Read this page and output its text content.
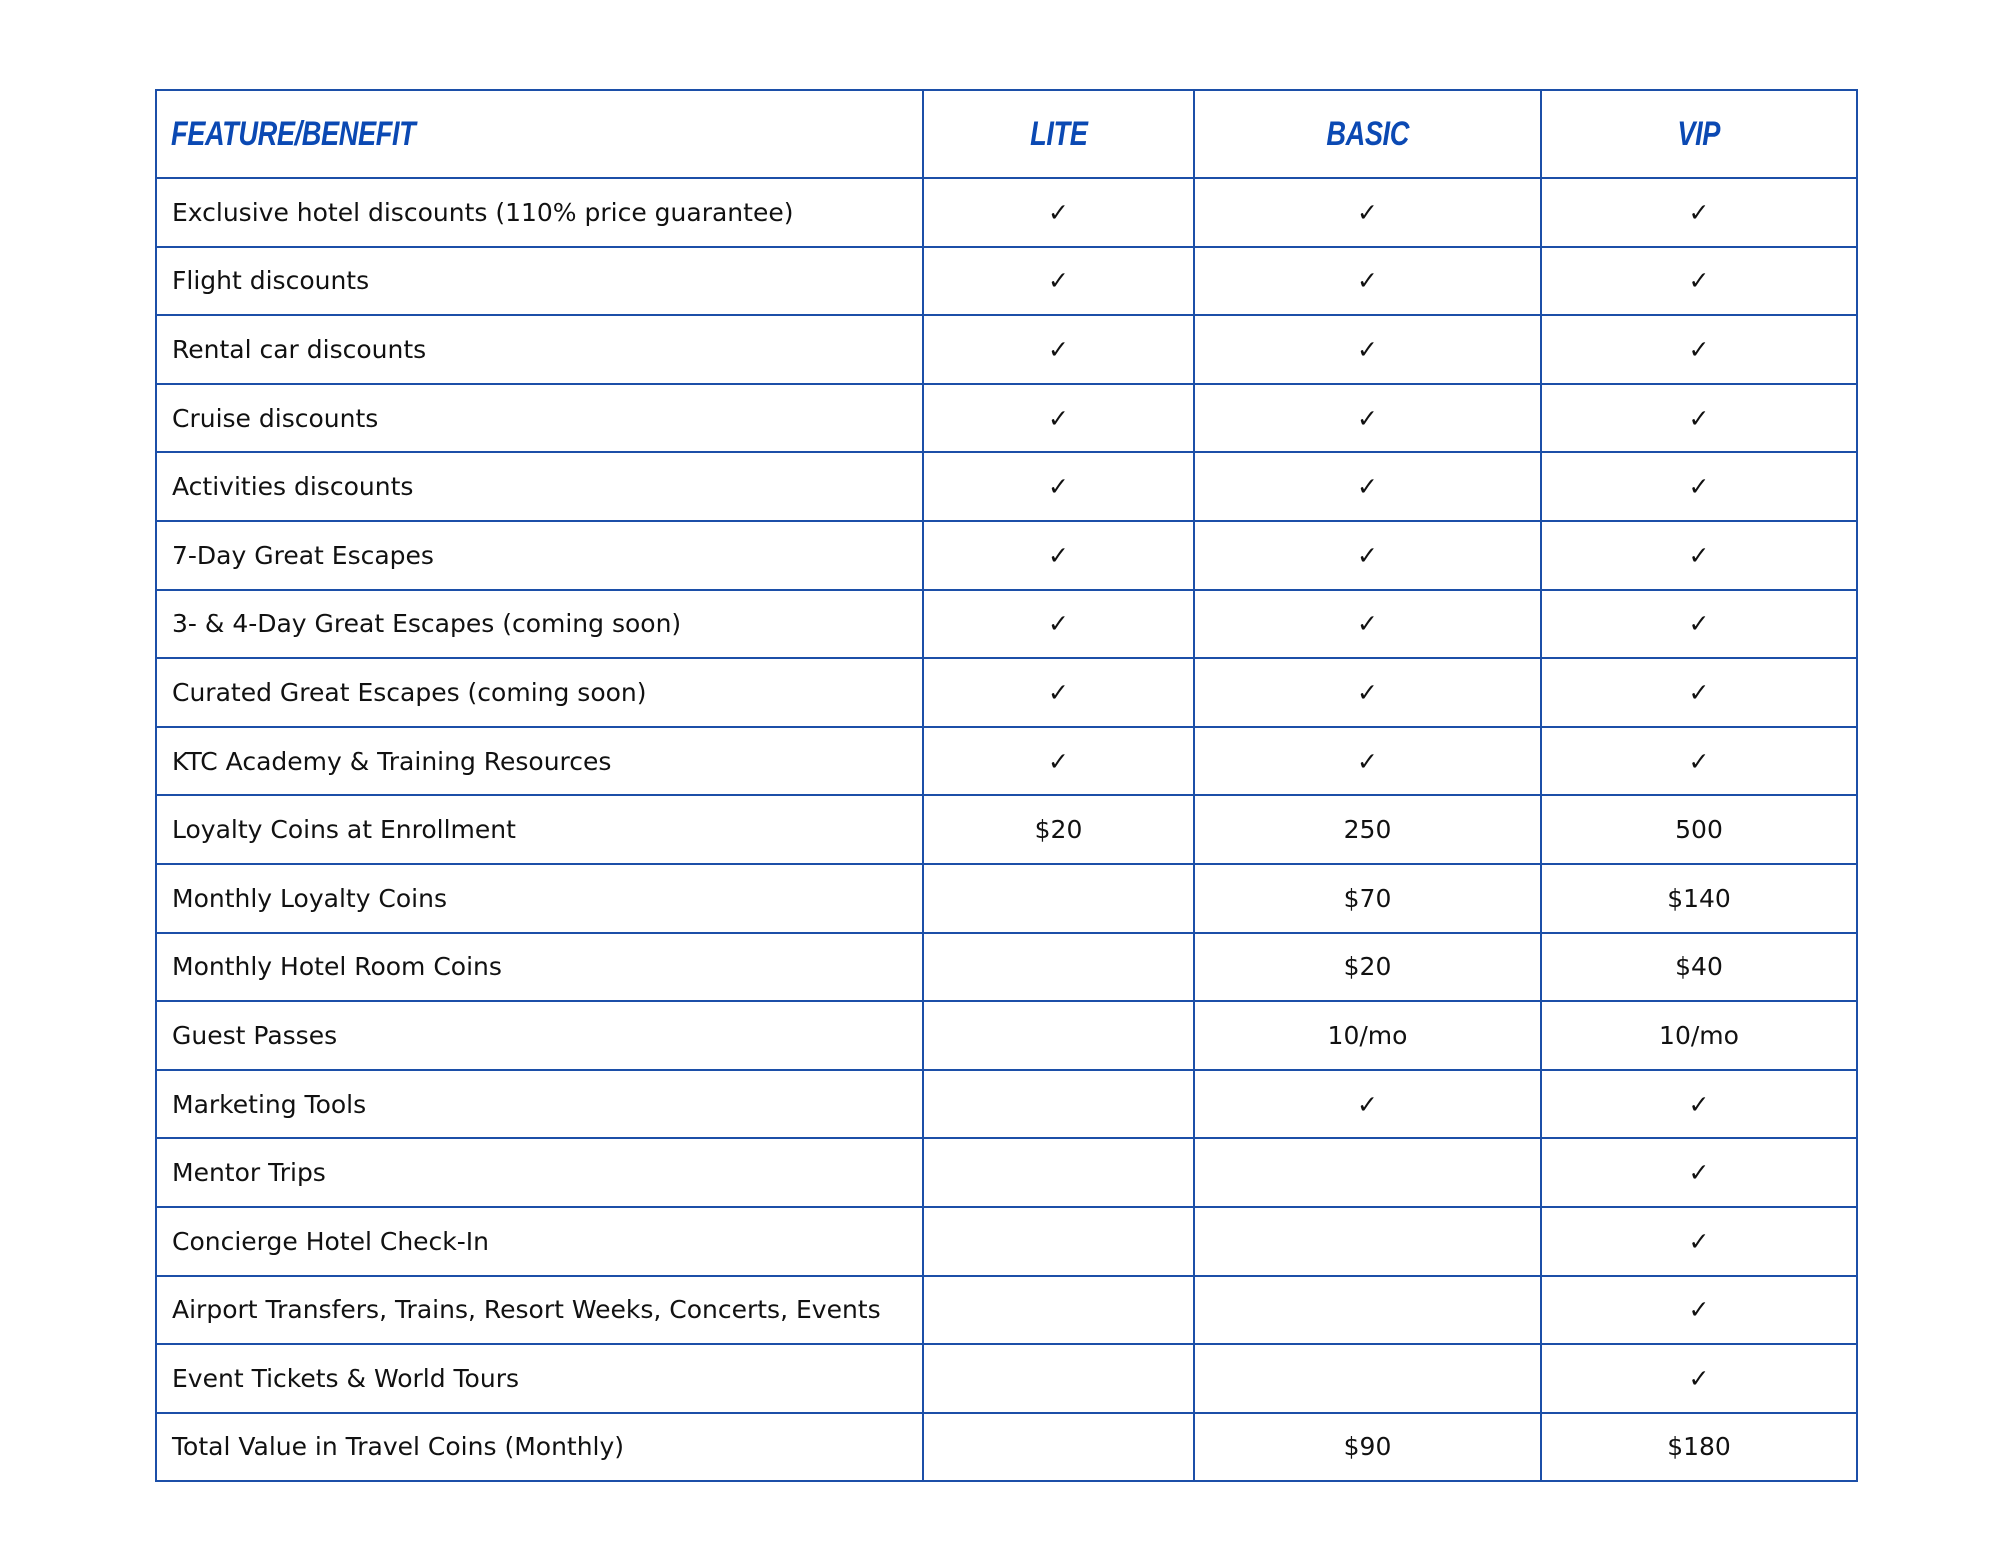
FEATURE/BENEFIT	LITE	BASIC	VIP
Exclusive hotel discounts (110% price guarantee)	✓	✓	✓
Flight discounts	✓	✓	✓
Rental car discounts	✓	✓	✓
Cruise discounts	✓	✓	✓
Activities discounts	✓	✓	✓
7-Day Great Escapes	✓	✓	✓
3- & 4-Day Great Escapes (coming soon)	✓	✓	✓
Curated Great Escapes (coming soon)	✓	✓	✓
KTC Academy & Training Resources	✓	✓	✓
Loyalty Coins at Enrollment	$20	250	500
Monthly Loyalty Coins		$70	$140
Monthly Hotel Room Coins		$20	$40
Guest Passes		10/mo	10/mo
Marketing Tools		✓	✓
Mentor Trips			✓
Concierge Hotel Check-In			✓
Airport Transfers, Trains, Resort Weeks, Concerts, Events			✓
Event Tickets & World Tours			✓
Total Value in Travel Coins (Monthly)		$90	$180
